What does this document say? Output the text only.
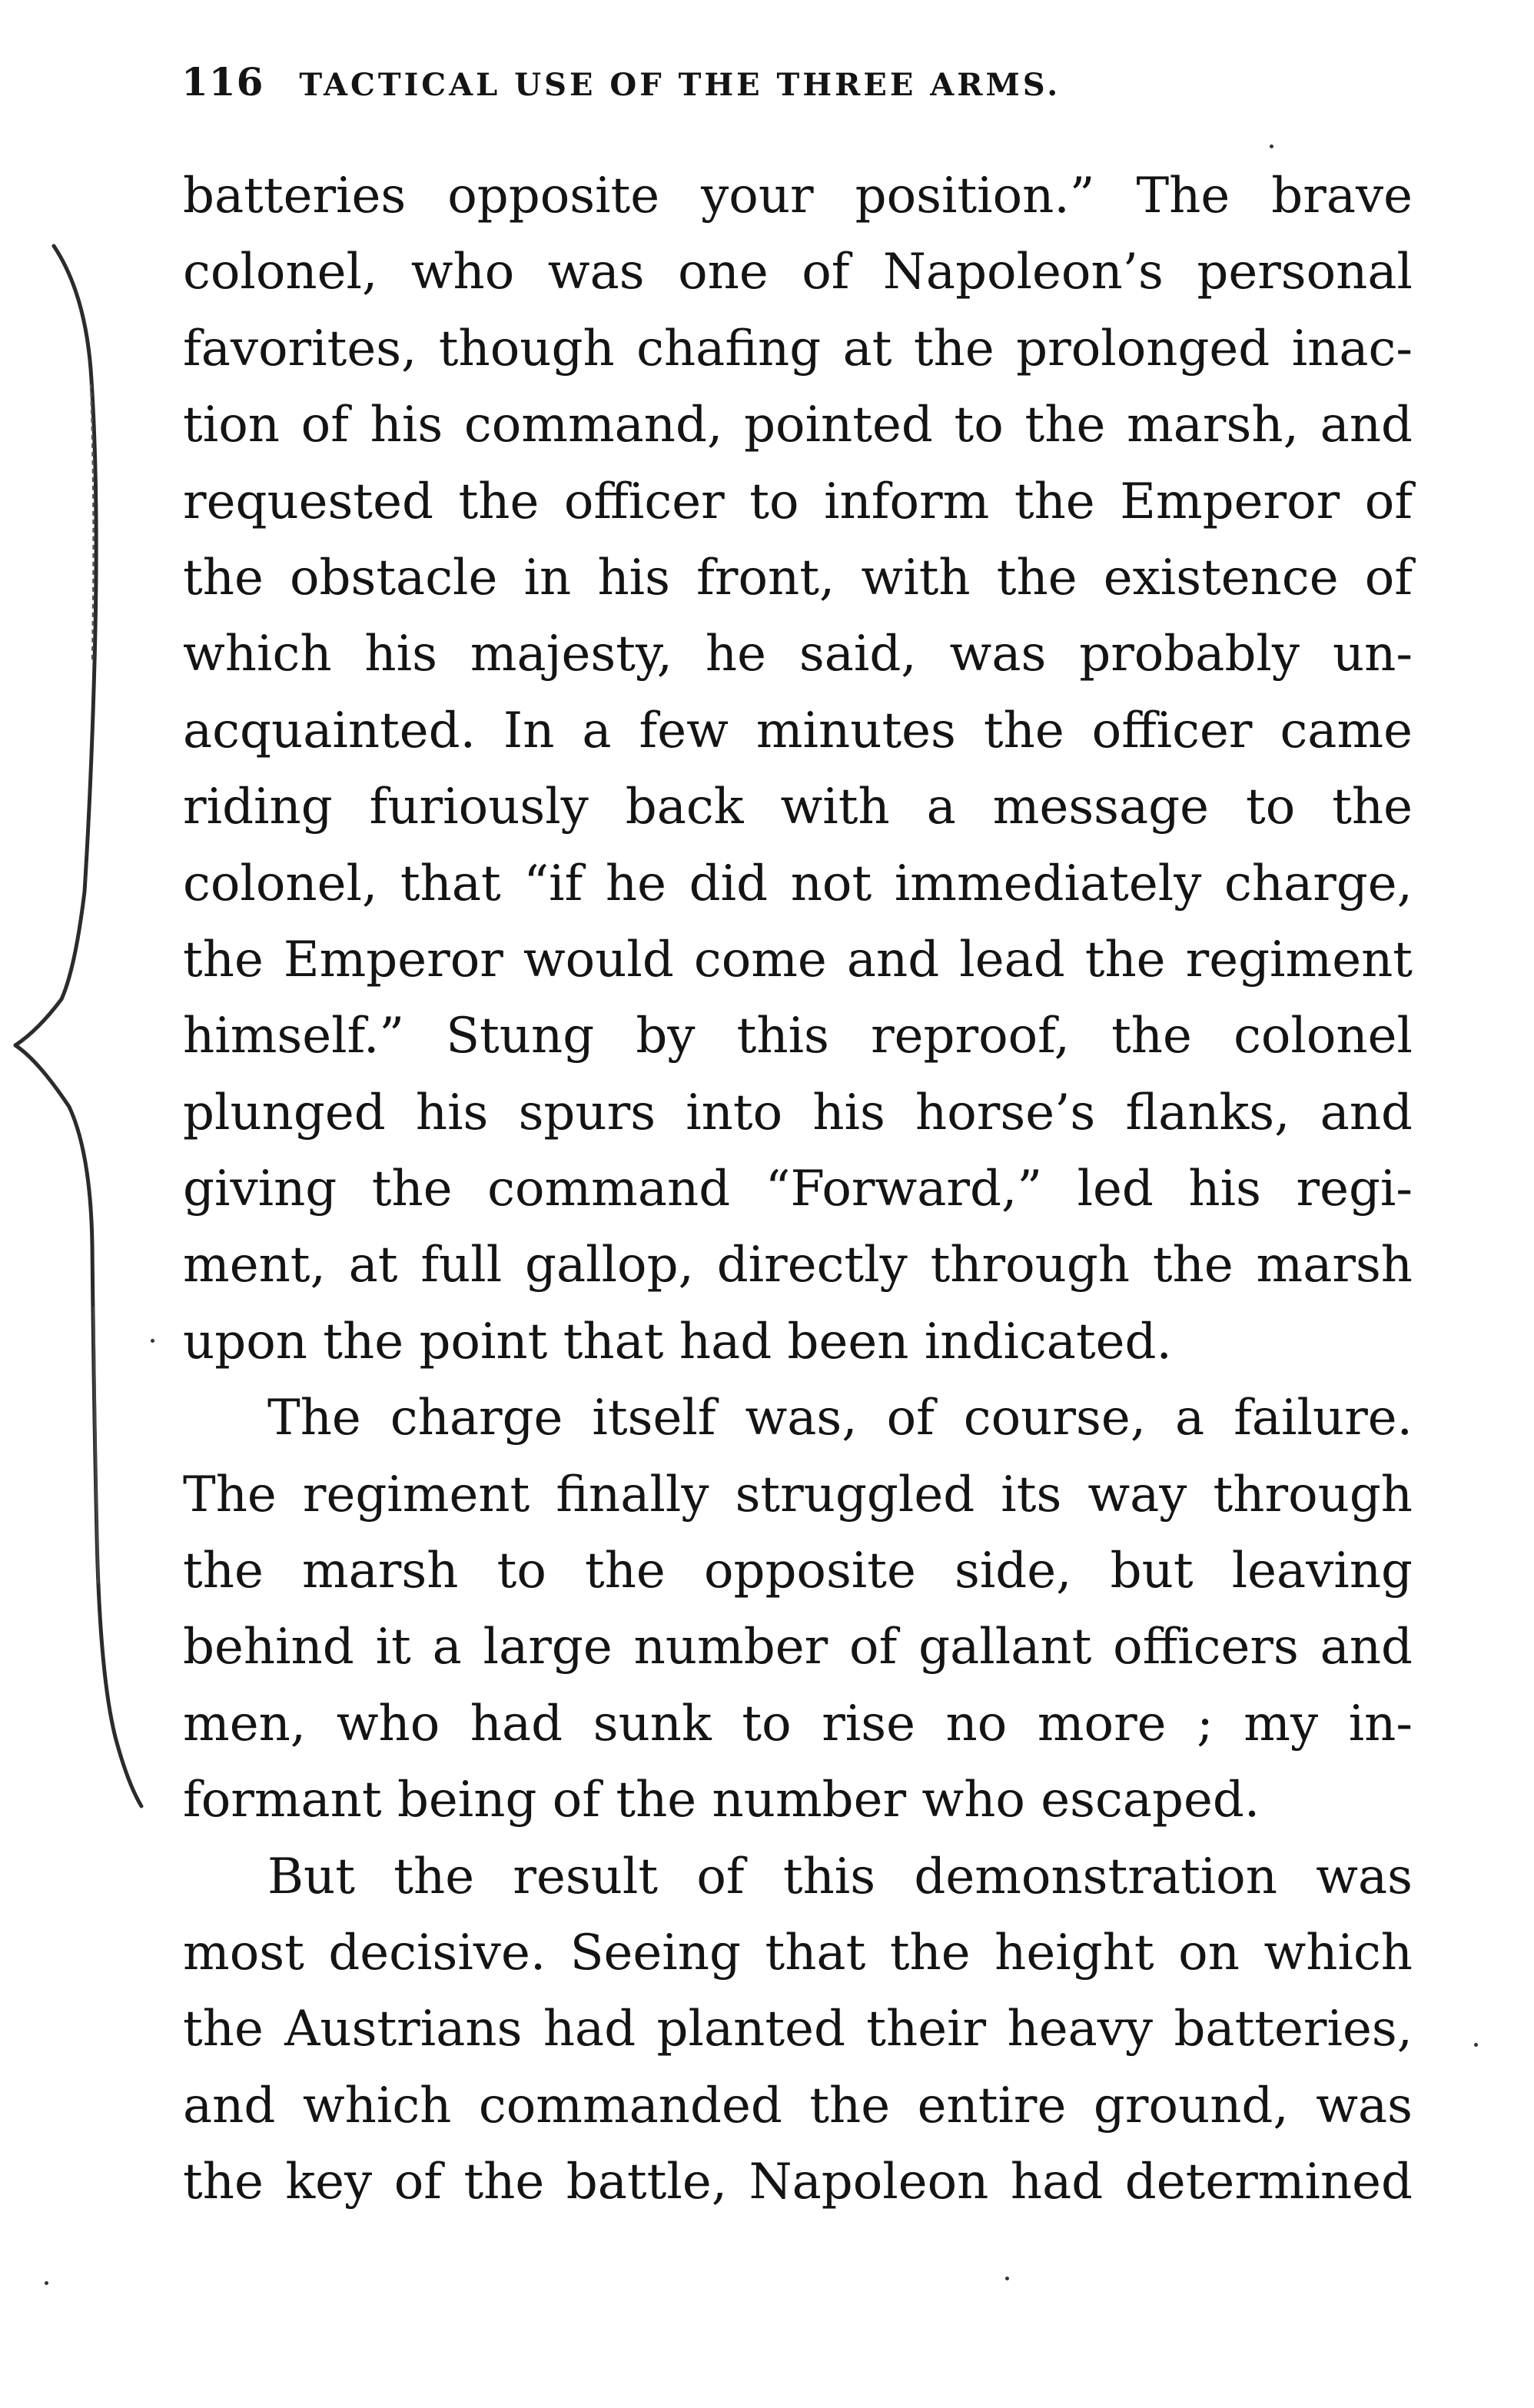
116 TACTICAL USE OF THE THREE ARMS.
batteries opposite your position.” The brave
colonel, who was one of Napoleon’s personal
favorites, though chafing at the prolonged inac-
tion of his command, pointed to the marsh, and
requested the officer to inform the Emperor of
the obstacle in his front, with the existence of
which his majesty, he said, was probably un-
acquainted. In a few minutes the officer came
riding furiously back with a message to the
colonel, that “if he did not immediately charge,
the Emperor would come and lead the regiment
himself.” Stung by this reproof, the colonel
plunged his spurs into his horse’s flanks, and
giving the command “Forward,” led his regi-
ment, at full gallop, directly through the marsh
upon the point that had been indicated.
The charge itself was, of course, a failure.
The regiment finally struggled its way through
the marsh to the opposite side, but leaving
behind it a large number of gallant officers and
men, who had sunk to rise no more ; my in-
formant being of the number who escaped.
But the result of this demonstration was
most decisive. Seeing that the height on which
the Austrians had planted their heavy batteries,
and which commanded the entire ground, was
the key of the battle, Napoleon had determined
